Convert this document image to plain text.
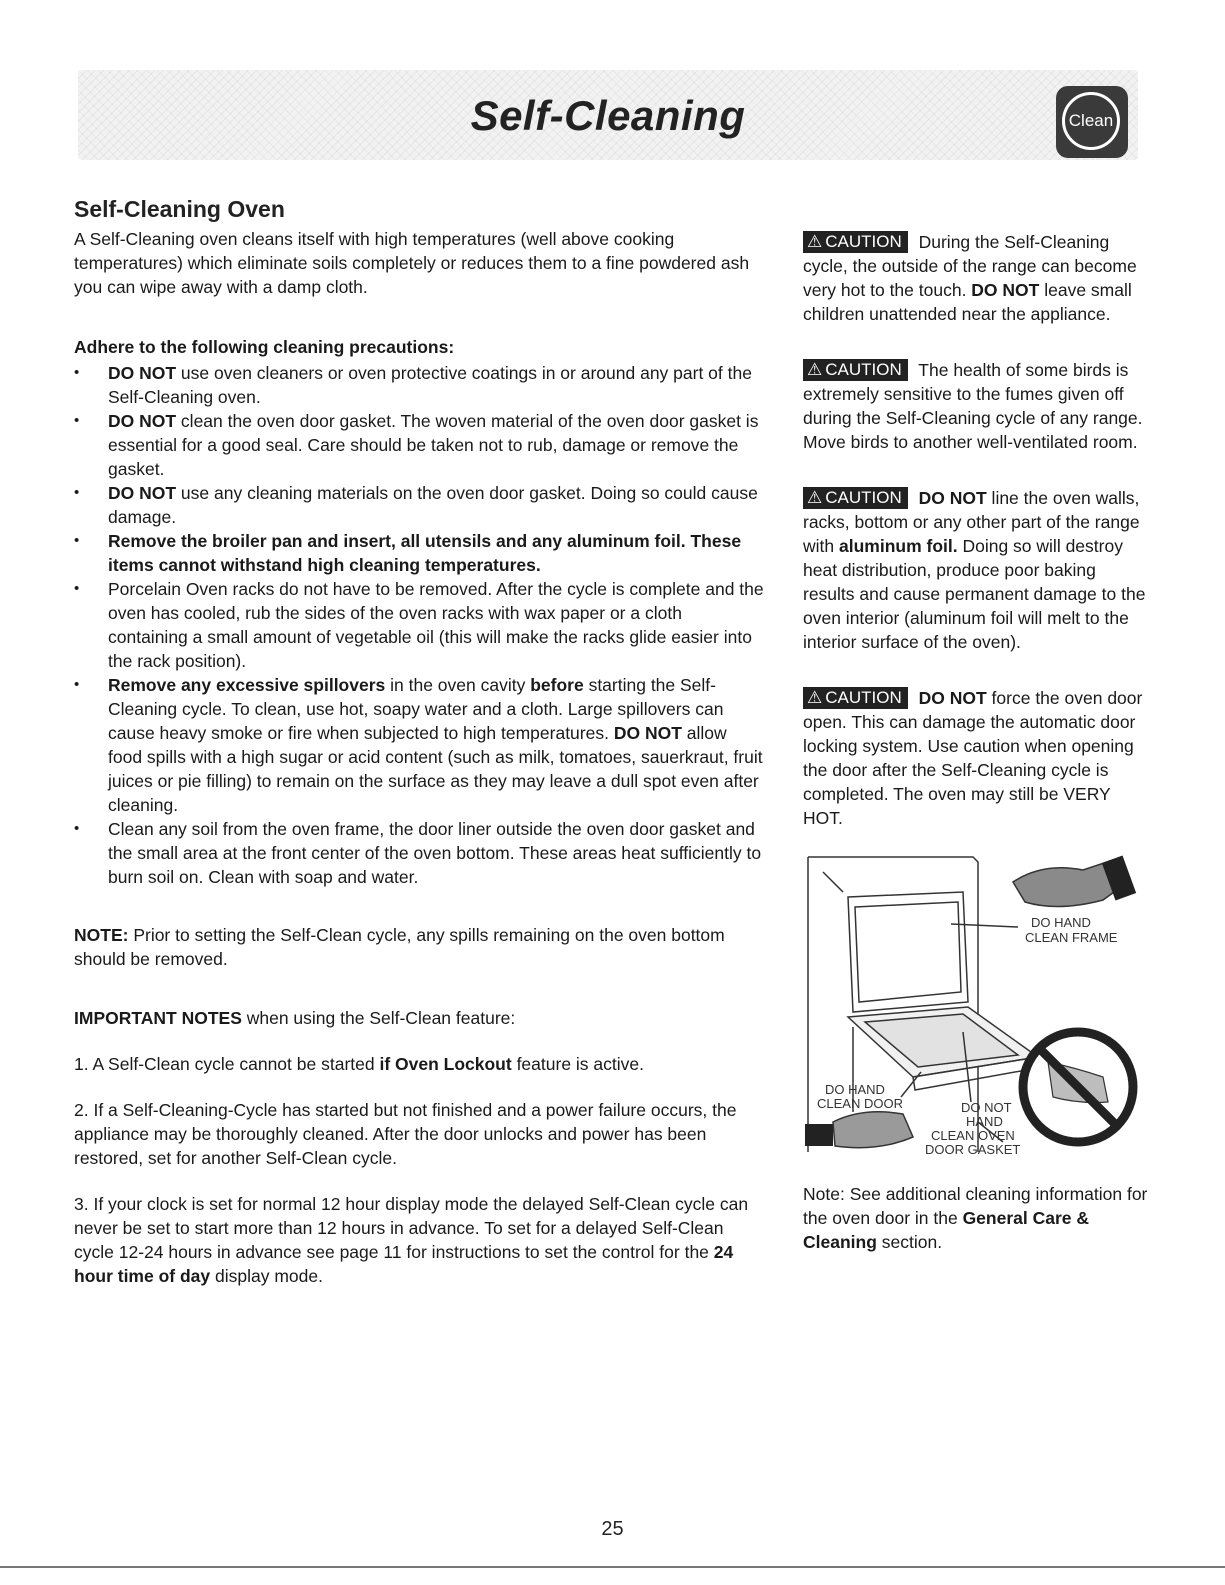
Self-Cleaning	Clean
Self-Cleaning Oven

A Self-Cleaning oven cleans itself with high temperatures (well above cooking temperatures) which eliminate soils completely or reduces them to a fine powdered ash you can wipe away with a damp cloth.

Adhere to the following cleaning precautions:
• DO NOT use oven cleaners or oven protective coatings in or around any part of the Self-Cleaning oven.
• DO NOT clean the oven door gasket. The woven material of the oven door gasket is essential for a good seal. Care should be taken not to rub, damage or remove the gasket.
• DO NOT use any cleaning materials on the oven door gasket. Doing so could cause damage.
• Remove the broiler pan and insert, all utensils and any aluminum foil. These items cannot withstand high cleaning temperatures.
• Porcelain Oven racks do not have to be removed. After the cycle is complete and the oven has cooled, rub the sides of the oven racks with wax paper or a cloth containing a small amount of vegetable oil (this will make the racks glide easier into the rack position).
• Remove any excessive spillovers in the oven cavity before starting the Self-Cleaning cycle. To clean, use hot, soapy water and a cloth. Large spillovers can cause heavy smoke or fire when subjected to high temperatures. DO NOT allow food spills with a high sugar or acid content (such as milk, tomatoes, sauerkraut, fruit juices or pie filling) to remain on the surface as they may leave a dull spot even after cleaning.
• Clean any soil from the oven frame, the door liner outside the oven door gasket and the small area at the front center of the oven bottom. These areas heat sufficiently to burn soil on. Clean with soap and water.

NOTE: Prior to setting the Self-Clean cycle, any spills remaining on the oven bottom should be removed.

IMPORTANT NOTES when using the Self-Clean feature:

1. A Self-Clean cycle cannot be started if Oven Lockout feature is active.

2. If a Self-Cleaning-Cycle has started but not finished and a power failure occurs, the appliance may be thoroughly cleaned. After the door unlocks and power has been restored, set for another Self-Clean cycle.

3. If your clock is set for normal 12 hour display mode the delayed Self-Clean cycle can never be set to start more than 12 hours in advance. To set for a delayed Self-Clean cycle 12-24 hours in advance see page 11 for instructions to set the control for the 24 hour time of day display mode.

⚠ CAUTION During the Self-Cleaning cycle, the outside of the range can become very hot to the touch. DO NOT leave small children unattended near the appliance.
⚠ CAUTION The health of some birds is extremely sensitive to the fumes given off during the Self-Cleaning cycle of any range. Move birds to another well-ventilated room.
⚠ CAUTION DO NOT line the oven walls, racks, bottom or any other part of the range with aluminum foil. Doing so will destroy heat distribution, produce poor baking results and cause permanent damage to the oven interior (aluminum foil will melt to the interior surface of the oven).
⚠ CAUTION DO NOT force the oven door open. This can damage the automatic door locking system. Use caution when opening the door after the Self-Cleaning cycle is completed. The oven may still be VERY HOT.
DO HAND
CLEAN FRAME
DO HAND
CLEAN DOOR	DO NOT
HAND
CLEAN OVEN
DOOR GASKET

Note: See additional cleaning information for the oven door in the General Care & Cleaning section.

25
